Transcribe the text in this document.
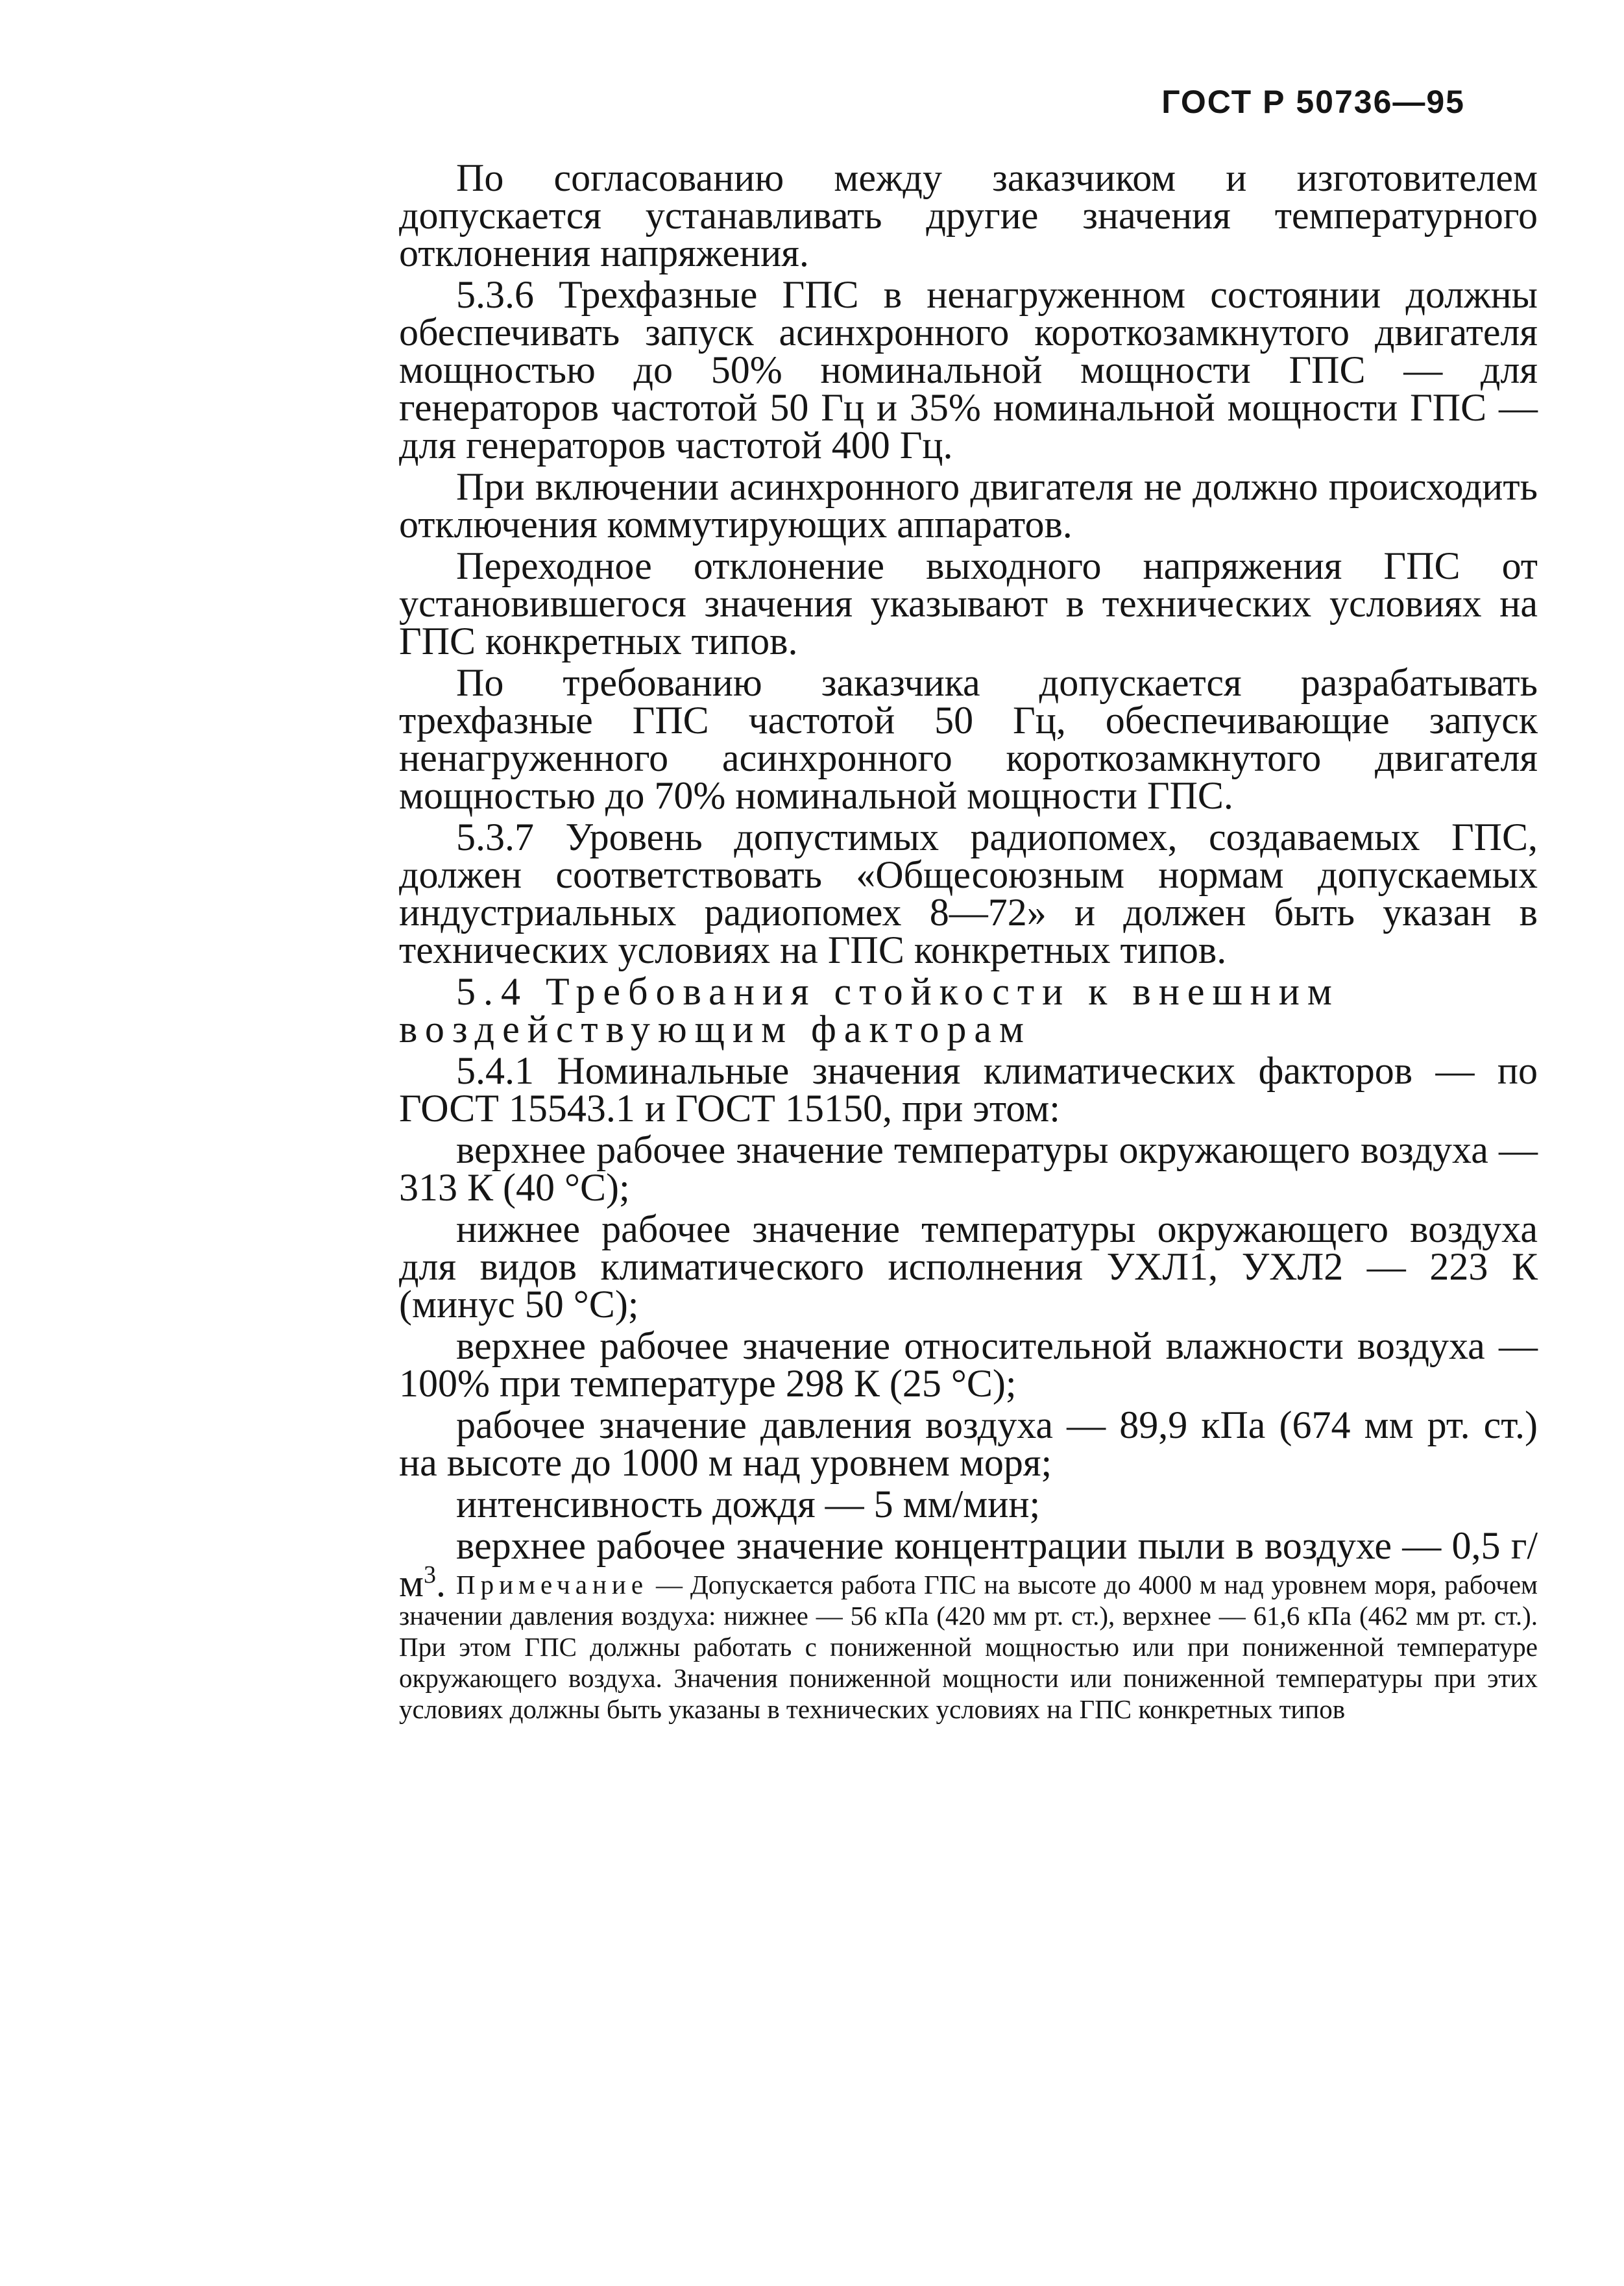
ГОСТ Р 50736—95

По согласованию между заказчиком и изготовителем допускается устанавливать другие значения температурного отклонения напряжения.

5.3.6 Трехфазные ГПС в ненагруженном состоянии должны обеспечивать запуск асинхронного короткозамкнутого двигателя мощностью до 50% номинальной мощности ГПС — для генераторов частотой 50 Гц и 35% номинальной мощности ГПС — для генераторов частотой 400 Гц.

При включении асинхронного двигателя не должно происходить отключения коммутирующих аппаратов.

Переходное отклонение выходного напряжения ГПС от установившегося значения указывают в технических условиях на ГПС конкретных типов.

По требованию заказчика допускается разрабатывать трехфазные ГПС частотой 50 Гц, обеспечивающие запуск ненагруженного асинхронного короткозамкнутого двигателя мощностью до 70% номинальной мощности ГПС.

5.3.7 Уровень допустимых радиопомех, создаваемых ГПС, должен соответствовать «Общесоюзным нормам допускаемых индустриальных радиопомех 8—72» и должен быть указан в технических условиях на ГПС конкретных типов.

5.4 Требования стойкости к внешним воздействующим факторам

5.4.1 Номинальные значения климатических факторов — по ГОСТ 15543.1 и ГОСТ 15150, при этом:

верхнее рабочее значение температуры окружающего воздуха — 313 К (40 °С);

нижнее рабочее значение температуры окружающего воздуха для видов климатического исполнения УХЛ1, УХЛ2 — 223 К (минус 50 °С);

верхнее рабочее значение относительной влажности воздуха — 100% при температуре 298 К (25 °С);

рабочее значение давления воздуха — 89,9 кПа (674 мм рт. ст.) на высоте до 1000 м над уровнем моря;

интенсивность дождя — 5 мм/мин;

верхнее рабочее значение концентрации пыли в воздухе — 0,5 $г/м^3$. Примечание — Допускается работа ГПС на высоте до 4000 м над уровнем моря, рабочем значении давления воздуха: нижнее — 56 кПа (420 мм рт. ст.), верхнее — 61,6 кПа (462 мм рт. ст.). При этом ГПС должны работать с пониженной мощностью или при пониженной температуре окружающего воздуха. Значения пониженной мощности или пониженной температуры при этих условиях должны быть указаны в технических условиях на ГПС конкретных типов
